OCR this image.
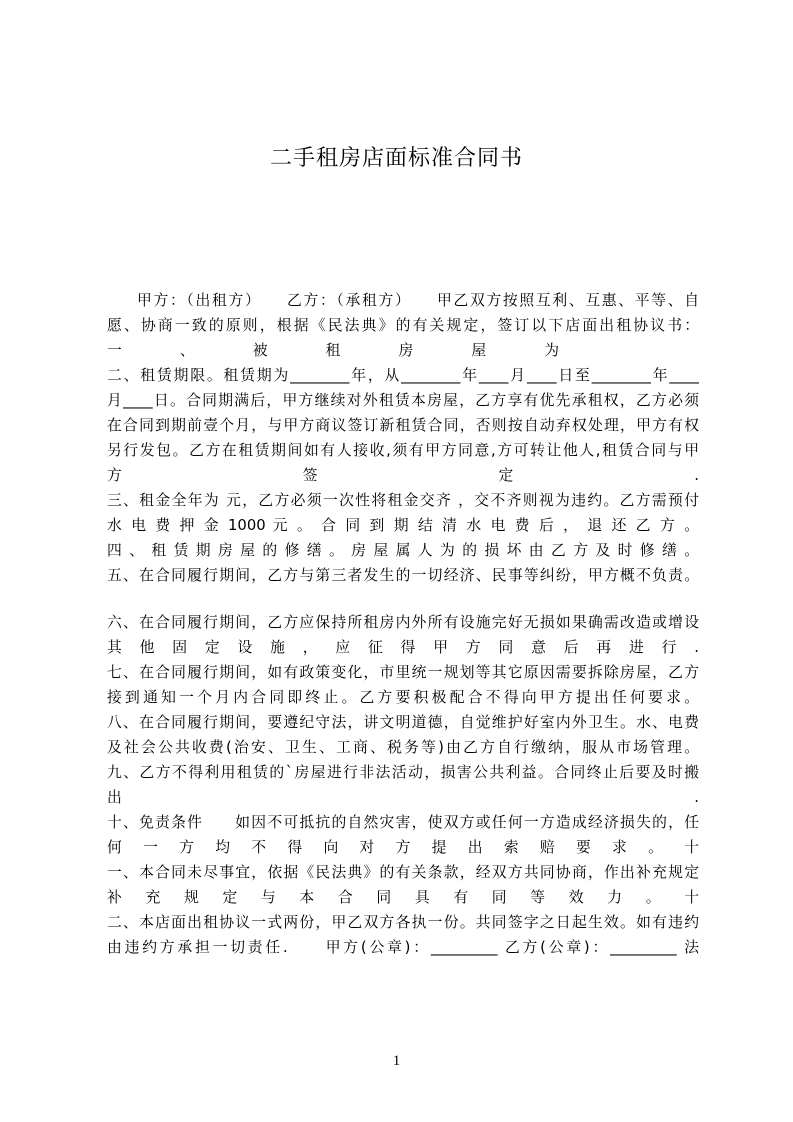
二手租房店面标准合同书
甲方：（出租方）　　乙方：（承租方）　　甲乙双方按照互利、互惠、平等、自
愿、协商一致的原则，根据《民法典》的有关规定，签订以下店面出租协议书：
一 、 被 租 房 屋 为
二、租赁期限。租赁期为________年，从________年____月____日至________年____
月____日。合同期满后，甲方继续对外租赁本房屋，乙方享有优先承租权，乙方必须
在合同到期前壹个月，与甲方商议签订新租赁合同，否则按自动弃权处理，甲方有权
另行发包。乙方在租赁期间如有人接收,须有甲方同意,方可转让他人,租赁合同与甲
方 签 定 .
三、租金全年为 元，乙方必须一次性将租金交齐 ，交不齐则视为违约。乙方需预付
水 电 费 押 金 1000 元 。 合 同 到 期 结 清 水 电 费 后 ， 退 还 乙 方 。
四 、 租 赁 期 房 屋 的 修 缮 。 房 屋 属 人 为 的 损 坏 由 乙 方 及 时 修 缮 。
五、在合同履行期间，乙方与第三者发生的一切经济、民事等纠纷，甲方概不负责。
六、在合同履行期间，乙方应保持所租房内外所有设施完好无损如果确需改造或增设
其 他 固 定 设 施 ， 应 征 得 甲 方 同 意 后 再 进 行 .
七、在合同履行期间，如有政策变化，市里统一规划等其它原因需要拆除房屋，乙方
接到通知一个月内合同即终止。乙方要积极配合不得向甲方提出任何要求。
八、在合同履行期间，要遵纪守法，讲文明道德，自觉维护好室内外卫生。水、电费
及社会公共收费(治安、卫生、工商、税务等)由乙方自行缴纳，服从市场管理。
九、乙方不得利用租赁的`房屋进行非法活动，损害公共利益。合同终止后要及时搬
出 .
十、免责条件　　如因不可抵抗的自然灾害，使双方或任何一方造成经济损失的，任
何 一 方 均 不 得 向 对 方 提 出 索 赔 要 求 。 十
一、本合同未尽事宜，依据《民法典》的有关条款，经双方共同协商，作出补充规定
补 充 规 定 与 本 合 同 具 有 同 等 效 力 。 十
二、本店面出租协议一式两份，甲乙双方各执一份。共同签字之日起生效。如有违约
由违约方承担一切责任.　　甲方(公章)：_________ 乙方(公章)：_________ 法
1
